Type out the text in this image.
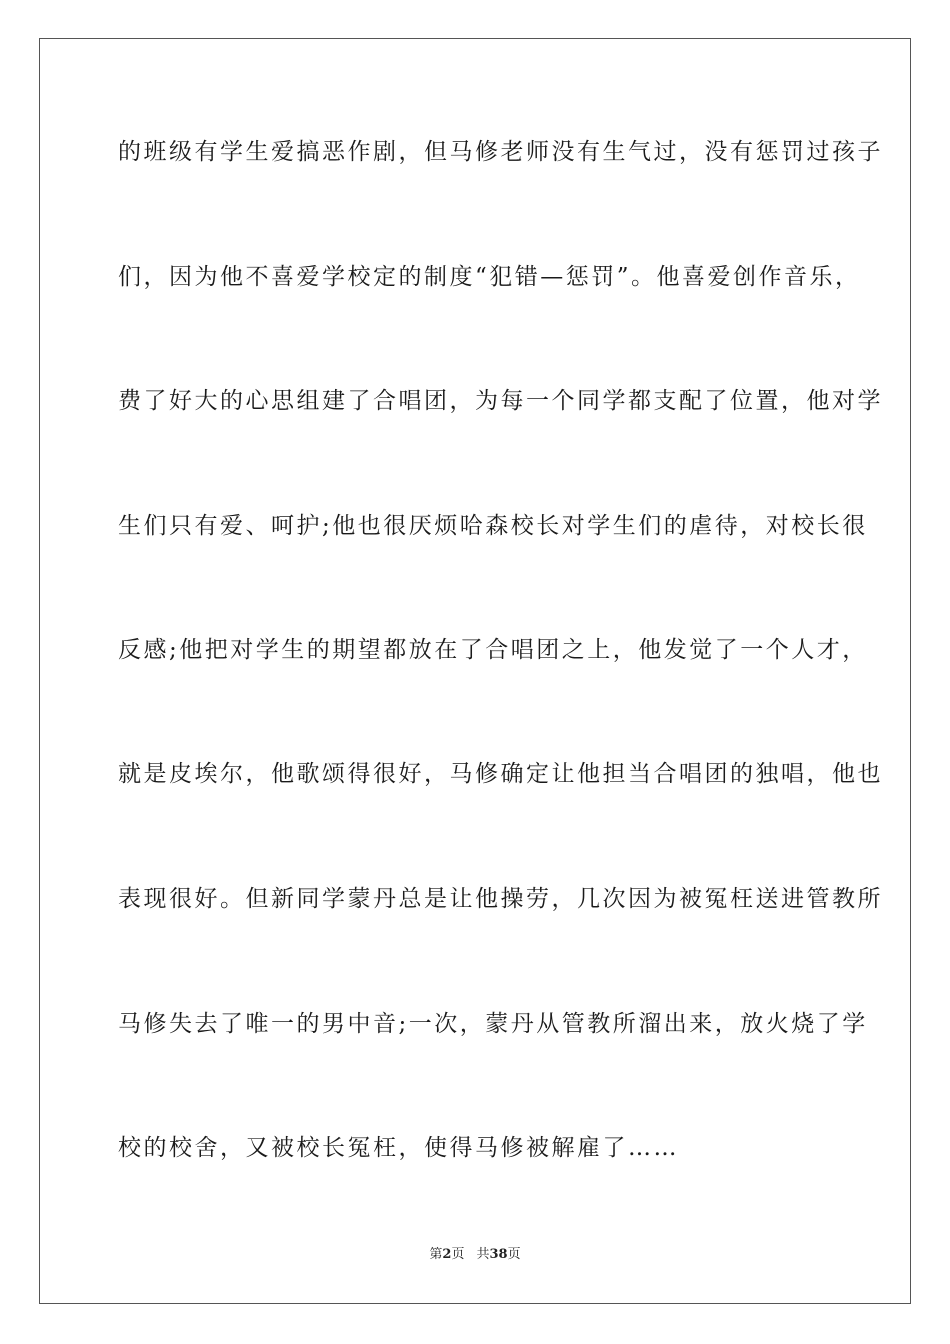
的班级有学生爱搞恶作剧，但马修老师没有生气过，没有惩罚过孩子
们，因为他不喜爱学校定的制度“犯错—惩罚”。他喜爱创作音乐，
费了好大的心思组建了合唱团，为每一个同学都支配了位置，他对学
生们只有爱、呵护;他也很厌烦哈森校长对学生们的虐待，对校长很
反感;他把对学生的期望都放在了合唱团之上，他发觉了一个人才，
就是皮埃尔，他歌颂得很好，马修确定让他担当合唱团的独唱，他也
表现很好。但新同学蒙丹总是让他操劳，几次因为被冤枉送进管教所
马修失去了唯一的男中音;一次，蒙丹从管教所溜出来，放火烧了学
校的校舍，又被校长冤枉，使得马修被解雇了……
第2页 共38页
